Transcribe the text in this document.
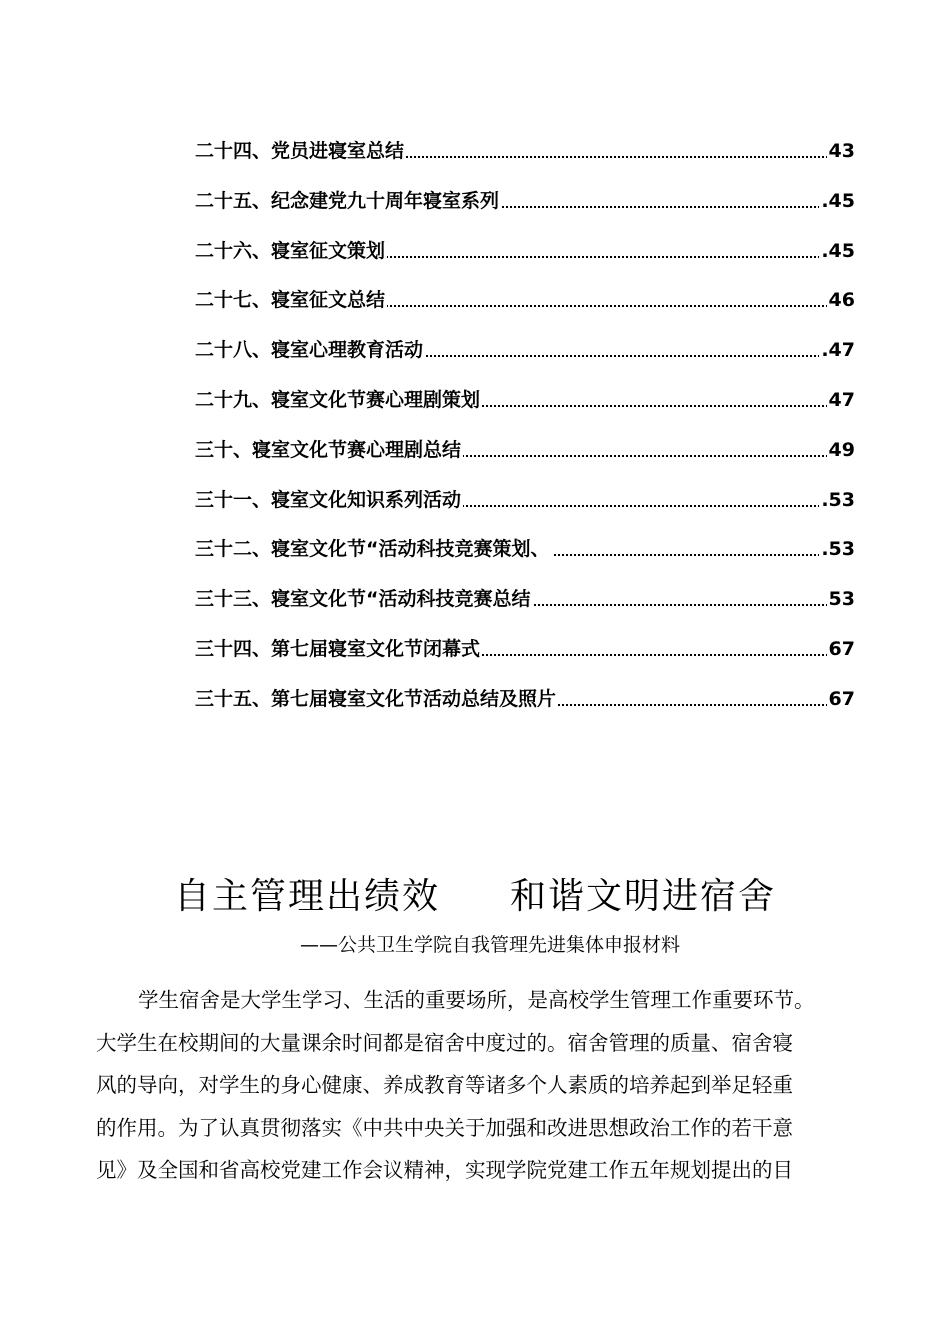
二十四、党员进寝室总结	43
二十五、纪念建党九十周年寝室系列	.45
二十六、寝室征文策划	.45
二十七、寝室征文总结	46
二十八、寝室心理教育活动	.47
二十九、寝室文化节赛心理剧策划	47
三十、寝室文化节赛心理剧总结	49
三十一、寝室文化知识系列活动	.53
三十二、寝室文化节“活动科技竞赛策划、	.53
三十三、寝室文化节“活动科技竞赛总结	53
三十四、第七届寝室文化节闭幕式	67
三十五、第七届寝室文化节活动总结及照片	67
自主管理出绩效 和谐文明进宿舍
——公共卫生学院自我管理先进集体申报材料
学生宿舍是大学生学习、生活的重要场所，是高校学生管理工作重要环节。
大学生在校期间的大量课余时间都是宿舍中度过的。宿舍管理的质量、宿舍寝
风的导向，对学生的身心健康、养成教育等诸多个人素质的培养起到举足轻重
的作用。为了认真贯彻落实《中共中央关于加强和改进思想政治工作的若干意
见》及全国和省高校党建工作会议精神，实现学院党建工作五年规划提出的目
